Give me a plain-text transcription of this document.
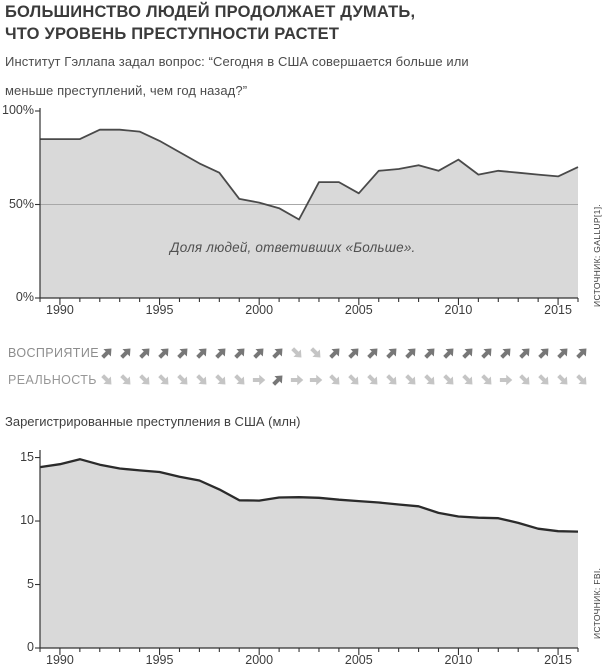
БОЛЬШИНСТВО ЛЮДЕЙ ПРОДОЛЖАЕТ ДУМАТЬ,
ЧТО УРОВЕНЬ ПРЕСТУПНОСТИ РАСТЕТ
Институт Гэллапа задал вопрос: “Сегодня в США совершается больше или
меньше преступлений, чем год назад?”
0%
50%
100%
1990	1995	2000	2005	2010	2015
0
5
10
15
1990	1995	2000	2005	2010	2015
Доля людей, ответивших «Больше».	ИСТОЧНИК: GALLUP[1].
ИСТОЧНИК: FBI.
ВОСПРИЯТИЕ
РЕАЛЬНОСТЬ
Зарегистрированные преступления в США (млн)
